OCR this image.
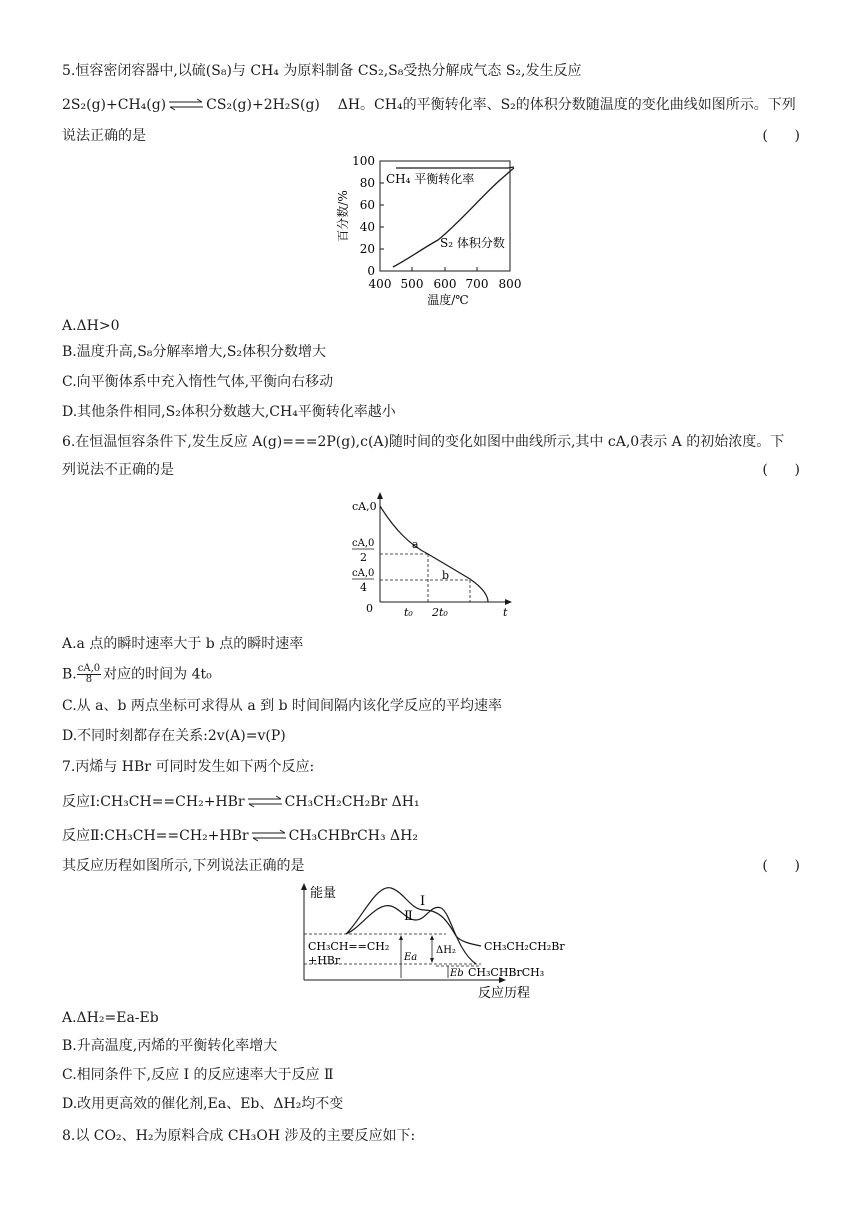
5.恒容密闭容器中,以硫(S₈)与 CH₄ 为原料制备 CS₂,S₈受热分解成气态 S₂,发生反应
2S₂(g)+CH₄(g) ⇌ CS₂(g)+2H₂S(g) ΔH。CH₄的平衡转化率、S₂的体积分数随温度的变化曲线如图所示。下列
说法正确的是	(      )
100
80
60
40
20
0
400 500 600 700 800
温度/℃
百分数/%
CH₄ 平衡转化率
S₂ 体积分数
A.ΔH>0
B.温度升高,S₈分解率增大,S₂体积分数增大
C.向平衡体系中充入惰性气体,平衡向右移动
D.其他条件相同,S₂体积分数越大,CH₄平衡转化率越小
6.在恒温恒容条件下,发生反应 A(g)===2P(g),c(A)随时间的变化如图中曲线所示,其中 cA,0表示 A 的初始浓度。下
列说法不正确的是	(      )
cA,0
cA,0
2
cA,0
4
0
a
b
t₀ 2t₀	t
A.a 点的瞬时速率大于 b 点的瞬时速率
B. $\frac{cA,0}{8}$ 对应的时间为 4t₀
C.从 a、b 两点坐标可求得从 a 到 b 时间间隔内该化学反应的平均速率
D.不同时刻都存在关系:2v(A)=v(P)
7.丙烯与 HBr 可同时发生如下两个反应:
反应Ⅰ:CH₃CH==CH₂+HBr ⇌ CH₃CH₂CH₂Br ΔH₁
反应Ⅱ:CH₃CH==CH₂+HBr ⇌ CH₃CHBrCH₃ ΔH₂
其反应历程如图所示,下列说法正确的是	(      )
能量
反应历程
CH₃CH==CH₂
+HBr	Ea
ΔH₂
Eb
Ⅰ
Ⅱ
CH₃CH₂CH₂Br
CH₃CHBrCH₃
A.ΔH₂=Ea-Eb
B.升高温度,丙烯的平衡转化率增大
C.相同条件下,反应 Ⅰ 的反应速率大于反应 Ⅱ
D.改用更高效的催化剂,Ea、Eb、ΔH₂均不变
8.以 CO₂、H₂为原料合成 CH₃OH 涉及的主要反应如下:
